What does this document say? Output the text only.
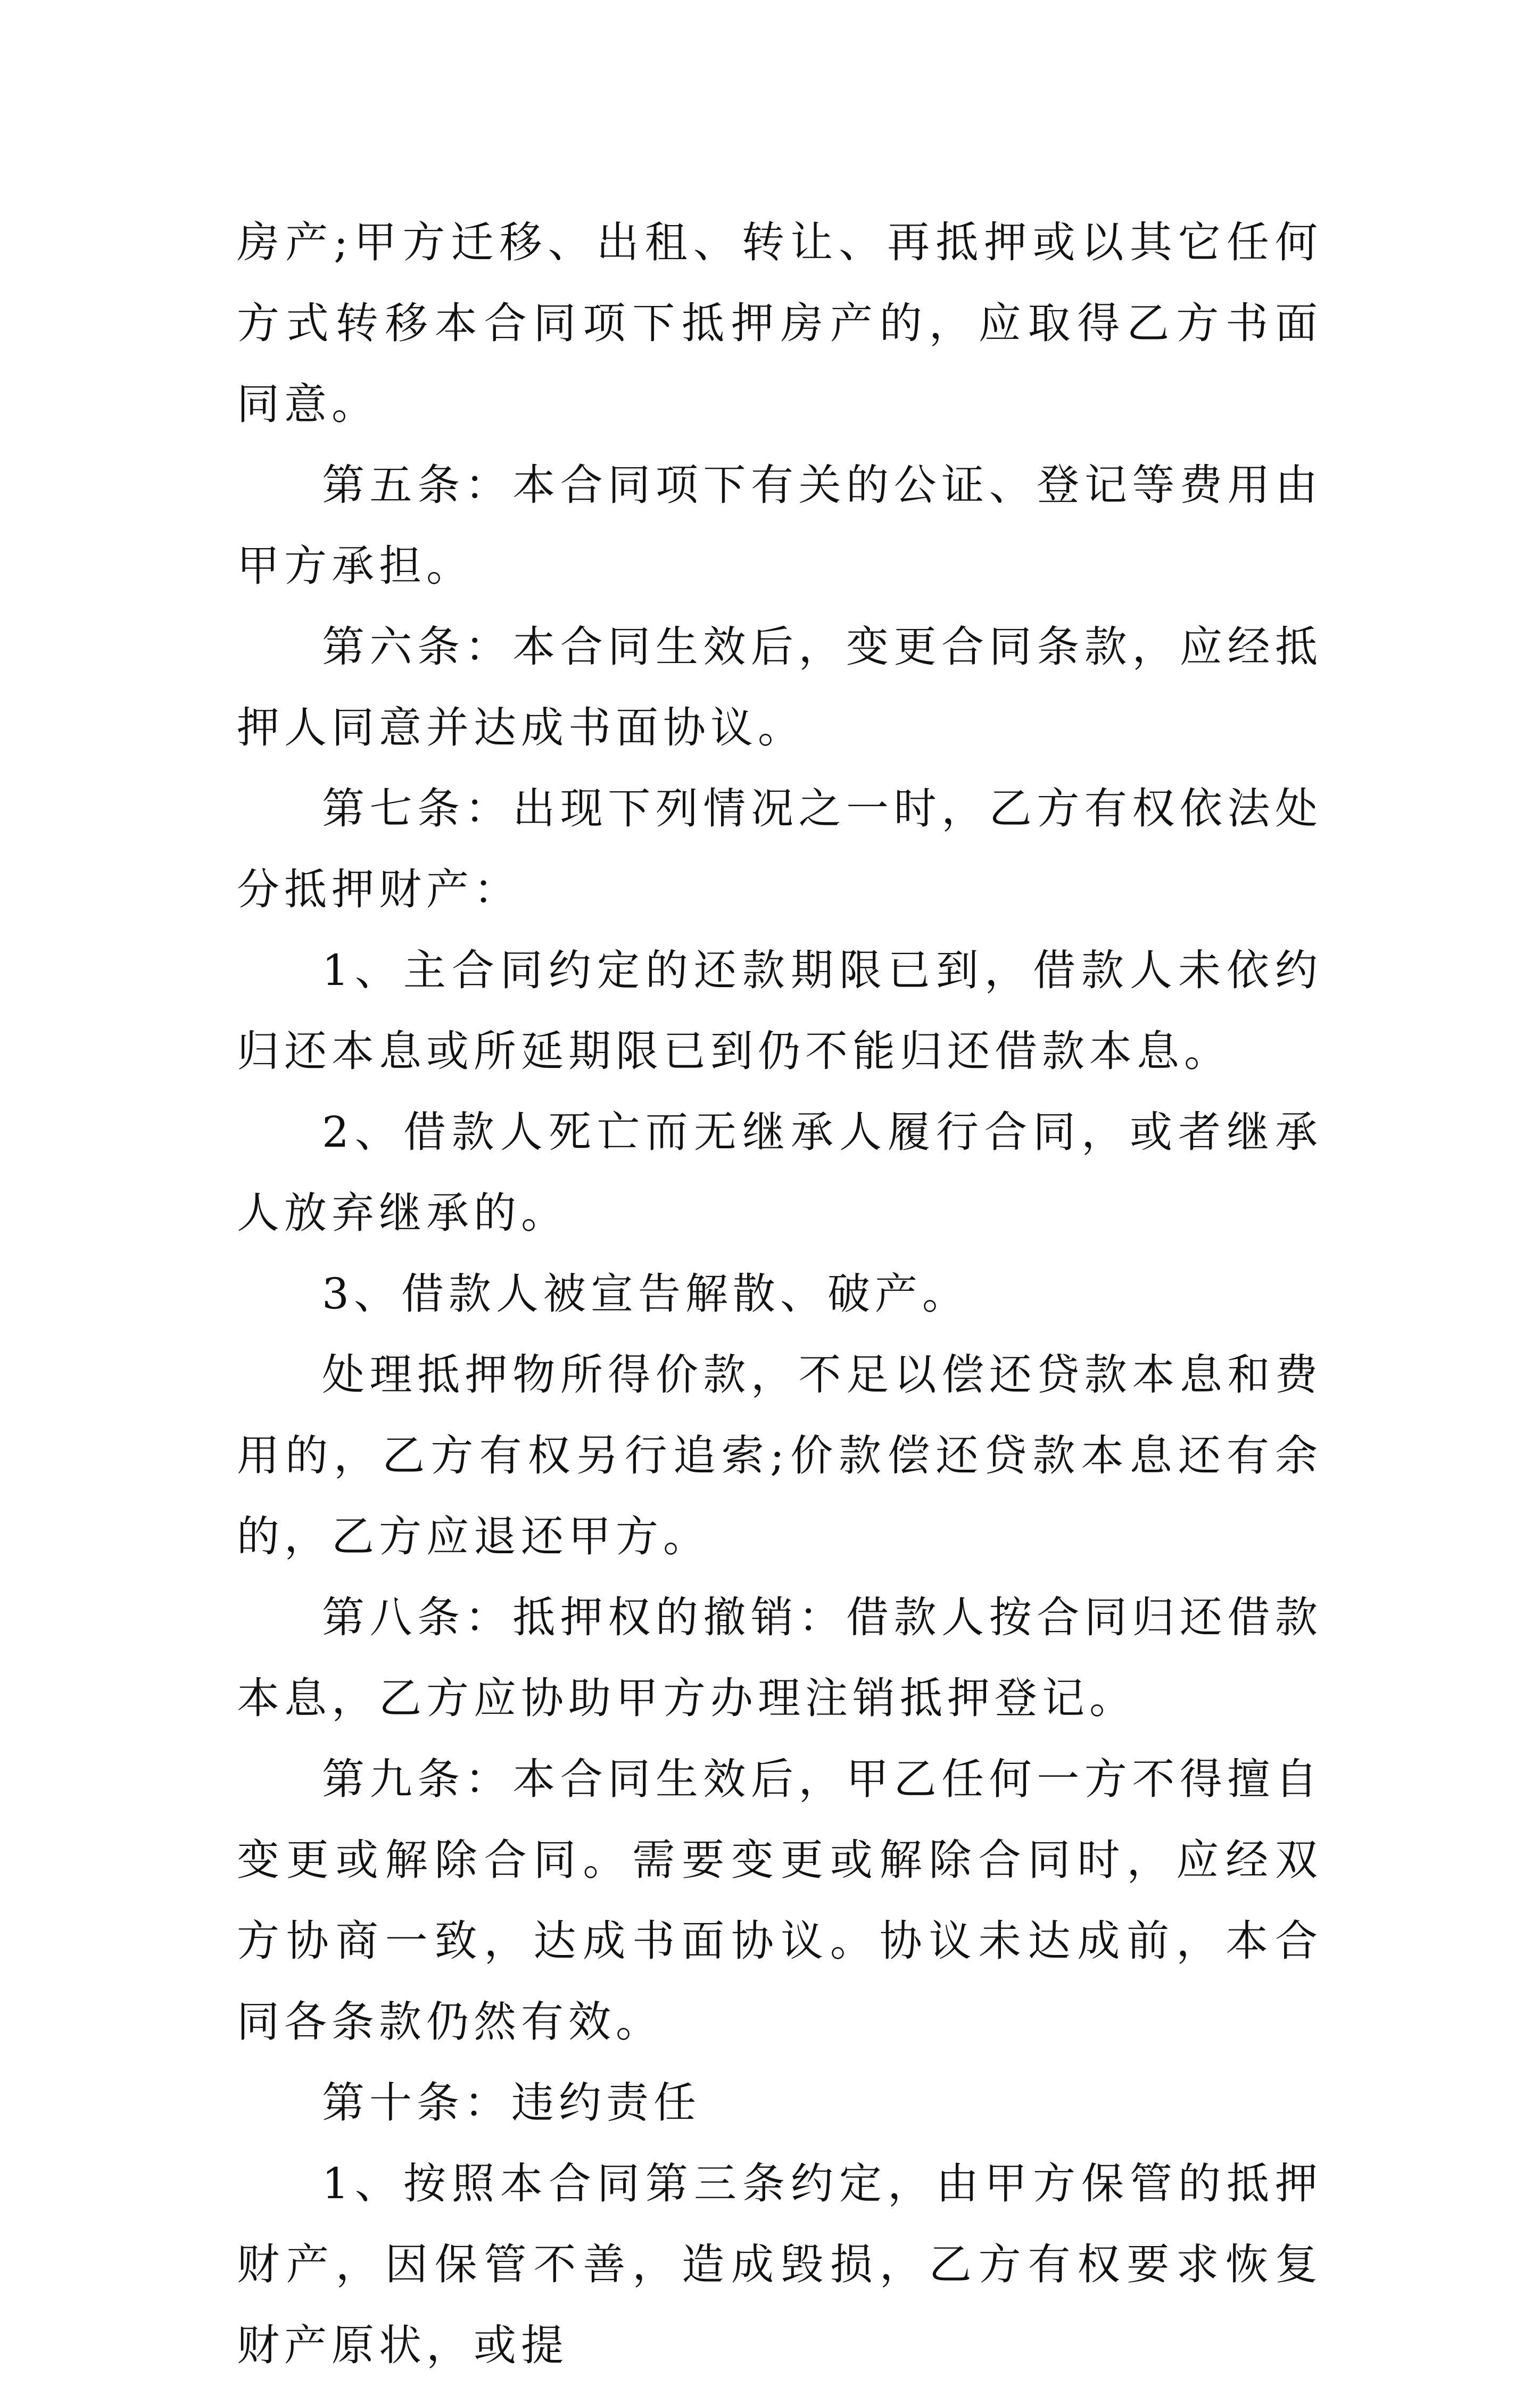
房产;甲方迁移、出租、转让、再抵押或以其它任何方式转移本合同项下抵押房产的，应取得乙方书面同意。

第五条：本合同项下有关的公证、登记等费用由甲方承担。

第六条：本合同生效后，变更合同条款，应经抵押人同意并达成书面协议。

第七条：出现下列情况之一时，乙方有权依法处分抵押财产：

1、主合同约定的还款期限已到，借款人未依约归还本息或所延期限已到仍不能归还借款本息。

2、借款人死亡而无继承人履行合同，或者继承人放弃继承的。

3、借款人被宣告解散、破产。

处理抵押物所得价款，不足以偿还贷款本息和费用的，乙方有权另行追索;价款偿还贷款本息还有余的，乙方应退还甲方。

第八条：抵押权的撤销：借款人按合同归还借款本息，乙方应协助甲方办理注销抵押登记。

第九条：本合同生效后，甲乙任何一方不得擅自变更或解除合同。需要变更或解除合同时，应经双方协商一致，达成书面协议。协议未达成前，本合同各条款仍然有效。

第十条：违约责任

1、按照本合同第三条约定，由甲方保管的抵押财产，因保管不善，造成毁损，乙方有权要求恢复财产原状，或提
